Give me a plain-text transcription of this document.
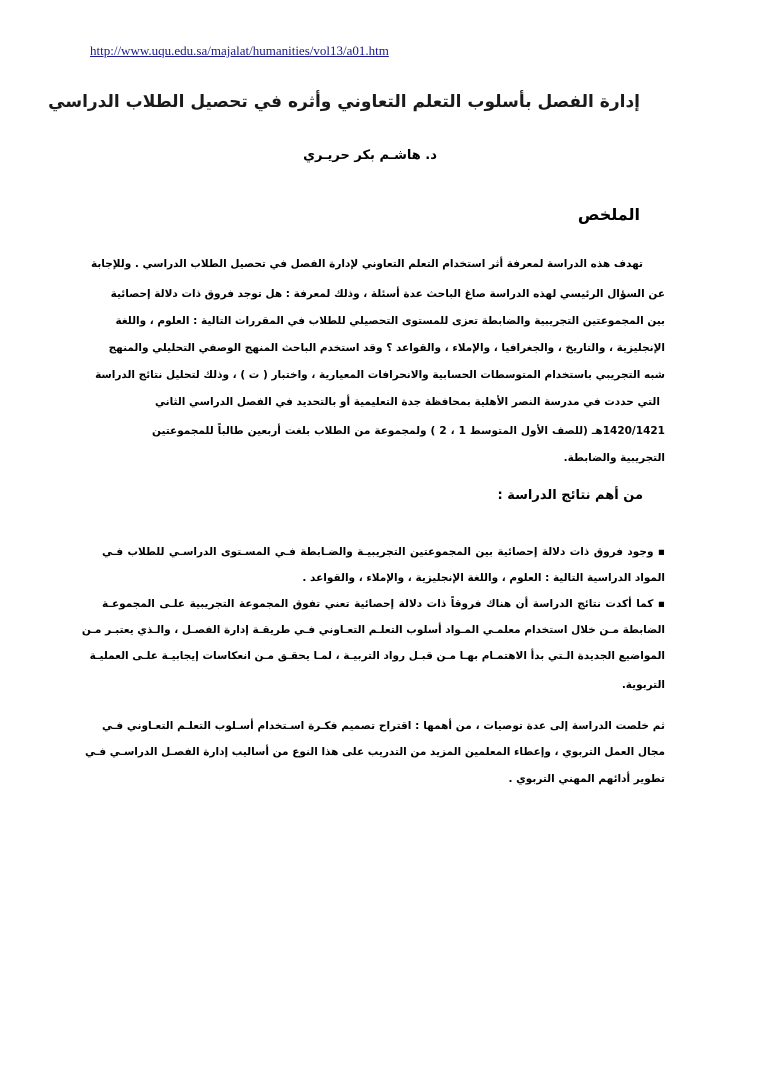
http://www.uqu.edu.sa/majalat/humanities/vol13/a01.htm
إدارة الفصل بأسلوب التعلم التعاوني وأثره في تحصيل الطلاب الدراسي
د. هاشـم بكر حريـري
الملخص
تهدف هذه الدراسة لمعرفة أثر استخدام التعلم التعاوني لإدارة الفصل في تحصيل الطلاب الدراسي . وللإجابة
عن السؤال الرئيسي لهذه الدراسة صاغ الباحث عدة أسئلة ، وذلك لمعرفة : هل توجد فروق ذات دلالة إحصائية
بين المجموعتين التجريبية والضابطة تعزى للمستوى التحصيلي للطلاب في المقررات التالية : العلوم ، واللغة
الإنجليزية ، والتاريخ ، والجغرافيا ، والإملاء ، والقواعد ؟ وقد استخدم الباحث المنهج الوصفي التحليلي والمنهج
شبه التجريبي باستخدام المتوسطات الحسابية والانحرافات المعيارية ، واختبار ( ت ) ، وذلك لتحليل نتائج الدراسة
التي حددت في مدرسة النصر الأهلية بمحافظة جدة التعليمية أو بالتحديد في الفصل الدراسي الثاني
1420/1421هـ (للصف الأول المتوسط 1 ، 2 ) ولمجموعة من الطلاب بلغت أربعين طالباً للمجموعتين
التجريبية والضابطة.
من أهم نتائج الدراسة :
▪ وجود فروق ذات دلالة إحصائية بين المجموعتين التجريبيـة والضـابطة فـي المسـتوى الدراسـي للطلاب فـي
المواد الدراسية التالية : العلوم ، واللغة الإنجليزية ، والإملاء ، والقواعد .
▪ كما أكدت نتائج الدراسة أن هناك فروقاً ذات دلالة إحصائية تعني تفوق المجموعة التجريبية علـى المجموعـة
الضابطة مـن خلال استخدام معلمـي المـواد أسلوب التعلـم التعـاوني فـي طريقـة إدارة الفصـل ، والـذي يعتبـر مـن
المواضيع الجديدة الـتي بدأ الاهتمـام بهـا مـن قبـل رواد التربيـة ، لمـا يحقـق مـن انعكاسات إيجابيـة علـى العمليـة
التربوية.
ثم خلصت الدراسة إلى عدة توصيات ، من أهمها : اقتراح تصميم فكـرة اسـتخدام أسـلوب التعلـم التعـاوني فـي
مجال العمل التربوي ، وإعطاء المعلمين المزيد من التدريب على هذا النوع من أساليب إدارة الفصـل الدراسـي فـي
تطوير أدائهم المهني التربوي .
